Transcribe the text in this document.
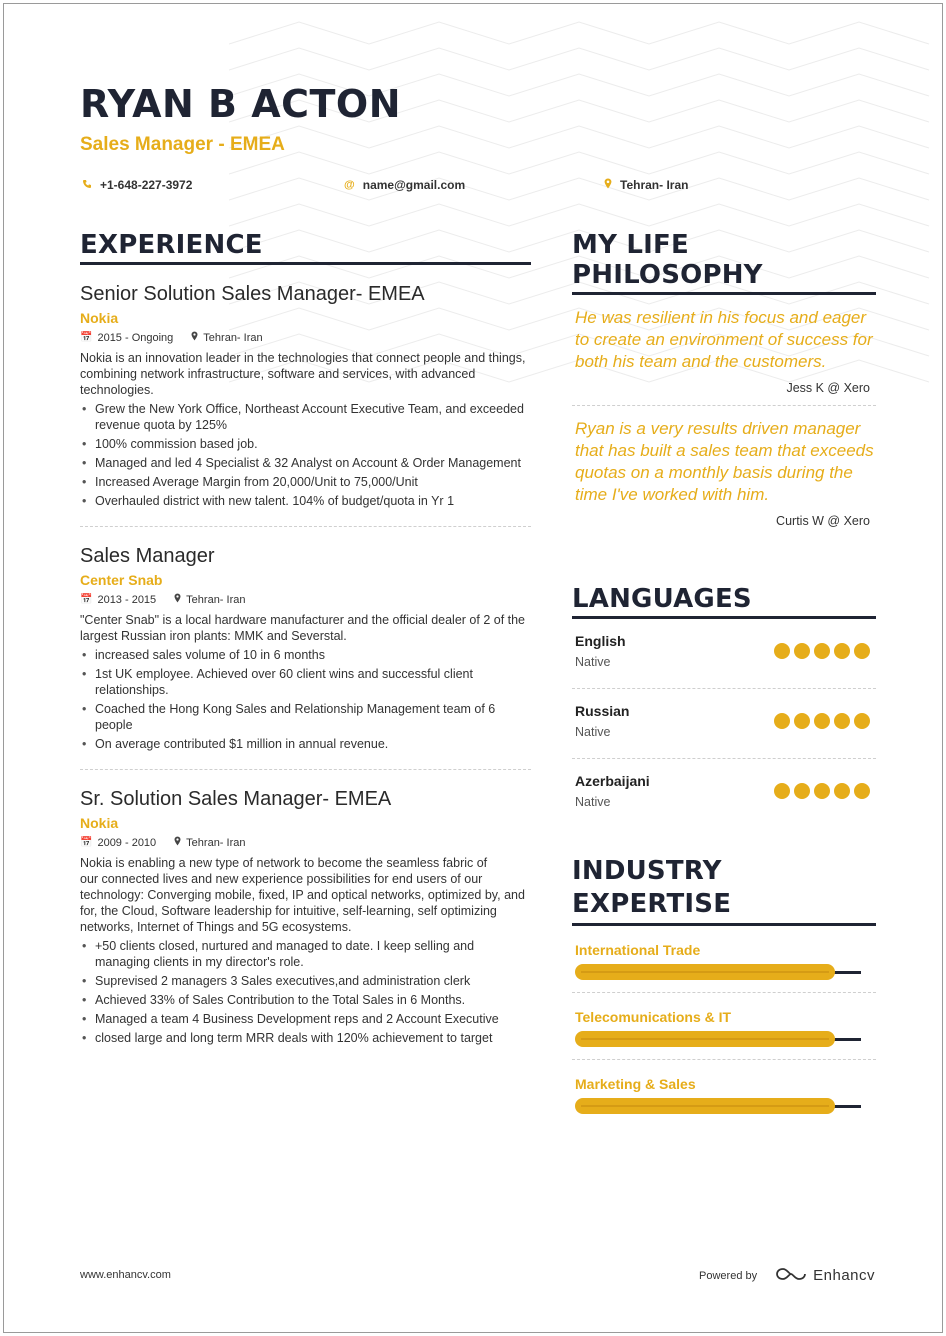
RYAN B ACTON
Sales Manager - EMEA
+1-648-227-3972	@ name@gmail.com	Tehran- Iran
EXPERIENCE
Senior Solution Sales Manager- EMEA
Nokia
📅 2015 - Ongoing	Tehran- Iran
Nokia is an innovation leader in the technologies that connect people and things, combining network infrastructure, software and services, with advanced technologies.
• Grew the New York Office, Northeast Account Executive Team, and exceeded revenue quota by 125%
• 100% commission based job.
• Managed and led 4 Specialist & 32 Analyst on Account & Order Management
• Increased Average Margin from 20,000/Unit to 75,000/Unit
• Overhauled district with new talent. 104% of budget/quota in Yr 1
Sales Manager
Center Snab
📅 2013 - 2015	Tehran- Iran
"Center Snab" is a local hardware manufacturer and the official dealer of 2 of the largest Russian iron plants: MMK and Severstal.
• increased sales volume of 10 in 6 months
• 1st UK employee. Achieved over 60 client wins and successful client relationships.
• Coached the Hong Kong Sales and Relationship Management team of 6 people
• On average contributed $1 million in annual revenue.
Sr. Solution Sales Manager- EMEA
Nokia
📅 2009 - 2010	Tehran- Iran
Nokia is enabling a new type of network to become the seamless fabric of
our connected lives and new experience possibilities for end users of our
technology: Converging mobile, fixed, IP and optical networks, optimized by, and for, the Cloud, Software leadership for intuitive, self-learning, self optimizing
networks, Internet of Things and 5G ecosystems.
• +50 clients closed, nurtured and managed to date. I keep selling and managing clients in my director's role.
• Suprevised 2 managers 3 Sales executives,and administration clerk
• Achieved 33% of Sales Contribution to the Total Sales in 6 Months.
• Managed a team 4 Business Development reps and 2 Account Executive
• closed large and long term MRR deals with 120% achievement to target
MY LIFE PHILOSOPHY
He was resilient in his focus and eager to create an environment of success for both his team and the customers.
Jess K @ Xero
Ryan is a very results driven manager that has built a sales team that exceeds quotas on a monthly basis during the time I've worked with him.
Curtis W @ Xero
LANGUAGES
English
Native
Russian
Native
Azerbaijani
Native
INDUSTRY
EXPERTISE
International Trade
Telecomunications & IT
Marketing & Sales
www.enhancv.com	Powered by	Enhancv
